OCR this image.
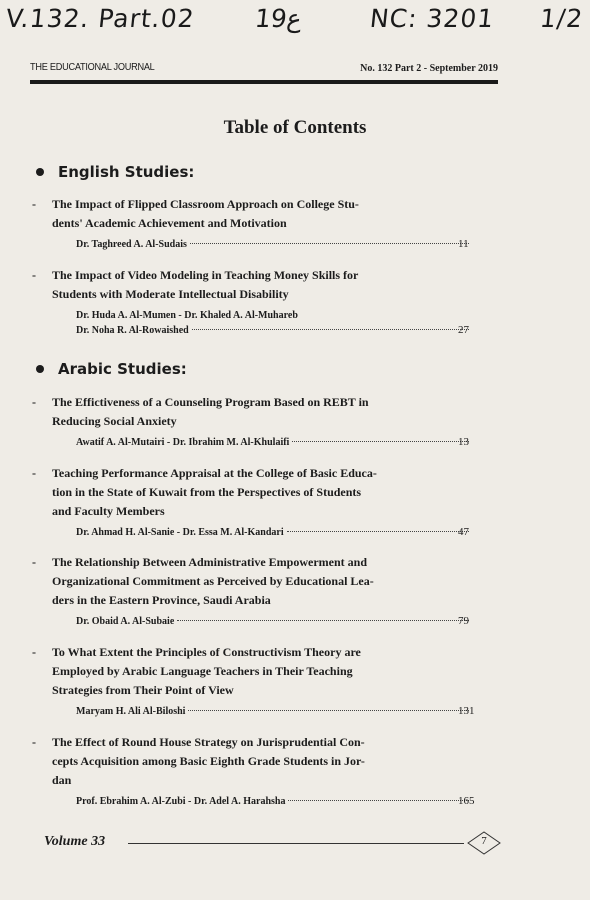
V.132. Part.02 ﻉ19	NC: 3201 1/2
THE EDUCATIONAL JOURNAL	No. 132 Part 2 - September 2019
Table of Contents
English Studies:
- The Impact of Flipped Classroom Approach on College Stu-
dents' Academic Achievement and Motivation
Dr. Taghreed A. Al-Sudais	11
- The Impact of Video Modeling in Teaching Money Skills for
Students with Moderate Intellectual Disability
Dr. Huda A. Al-Mumen - Dr. Khaled A. Al-Muhareb
Dr. Noha R. Al-Rowaished	27
Arabic Studies:
- The Effictiveness of a Counseling Program Based on REBT in
Reducing Social Anxiety
Awatif A. Al-Mutairi - Dr. Ibrahim M. Al-Khulaifi	13
- Teaching Performance Appraisal at the College of Basic Educa-
tion in the State of Kuwait from the Perspectives of Students
and Faculty Members
Dr. Ahmad H. Al-Sanie - Dr. Essa M. Al-Kandari	47
- The Relationship Between Administrative Empowerment and
Organizational Commitment as Perceived by Educational Lea-
ders in the Eastern Province, Saudi Arabia
Dr. Obaid A. Al-Subaie	79
- To What Extent the Principles of Constructivism Theory are
Employed by Arabic Language Teachers in Their Teaching
Strategies from Their Point of View
Maryam H. Ali Al-Biloshi	131
- The Effect of Round House Strategy on Jurisprudential Con-
cepts Acquisition among Basic Eighth Grade Students in Jor-
dan
Prof. Ebrahim A. Al-Zubi - Dr. Adel A. Harahsha	165
Volume 33	7
